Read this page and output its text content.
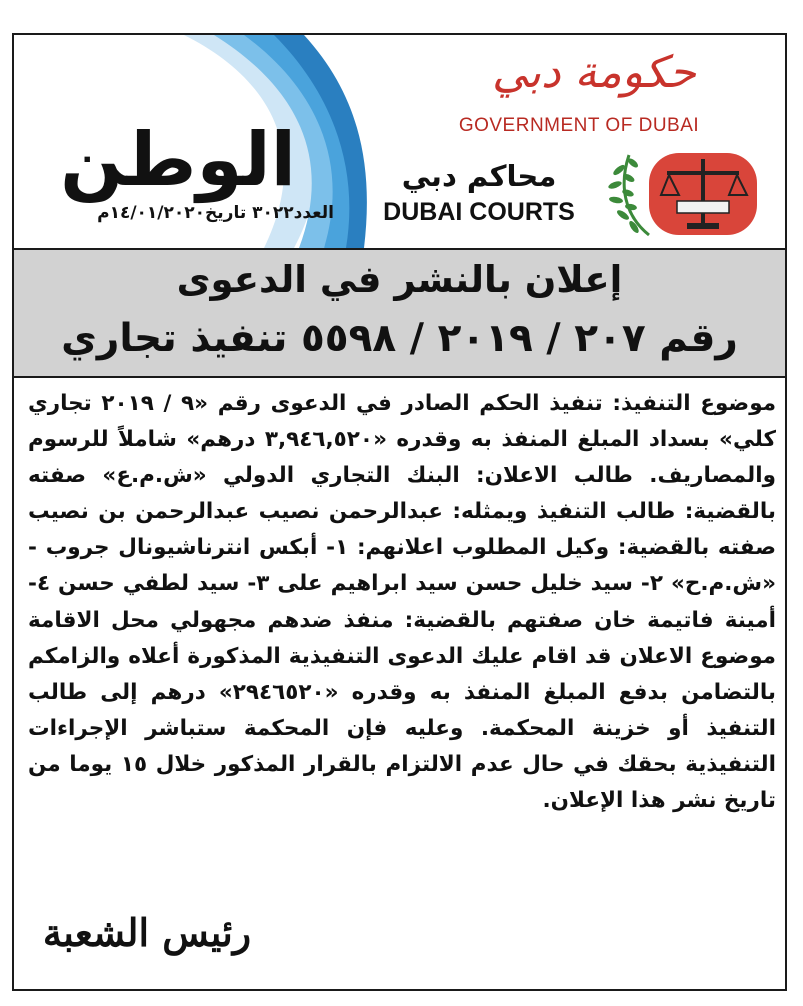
الوطن
العدد٣٠٢٢ تاريخ١٤/٠١/٢٠٢٠م
حكومة دبي
GOVERNMENT OF DUBAI
محاكم دبي
DUBAI COURTS
إعلان بالنشر في الدعوى
رقم ٢٠٧ / ٢٠١٩ / ٥٥٩٨ تنفيذ تجاري
موضوع التنفيذ: تنفيذ الحكم الصادر في الدعوى رقم «٩ / ٢٠١٩ تجاري كلي» بسداد المبلغ المنفذ به وقدره «٣,٩٤٦,٥٢٠ درهم» شاملاً للرسوم والمصاريف. طالب الاعلان: البنك التجاري الدولي «ش.م.ع» صفته بالقضية: طالب التنفيذ ويمثله: عبدالرحمن نصيب عبدالرحمن بن نصيب صفته بالقضية: وكيل المطلوب اعلانهم: ١- أبكس انترناشيونال جروب - «ش.م.ح» ٢- سيد خليل حسن سيد ابراهيم على ٣- سيد لطفي حسن ٤- أمينة فاتيمة خان صفتهم بالقضية: منفذ ضدهم مجهولي محل الاقامة موضوع الاعلان قد اقام عليك الدعوى التنفيذية المذكورة أعلاه والزامكم بالتضامن بدفع المبلغ المنفذ به وقدره «٢٩٤٦٥٢٠» درهم إلى طالب التنفيذ أو خزينة المحكمة. وعليه فإن المحكمة ستباشر الإجراءات التنفيذية بحقك في حال عدم الالتزام بالقرار المذكور خلال ١٥ يوما من تاريخ نشر هذا الإعلان.
رئيس الشعبة
